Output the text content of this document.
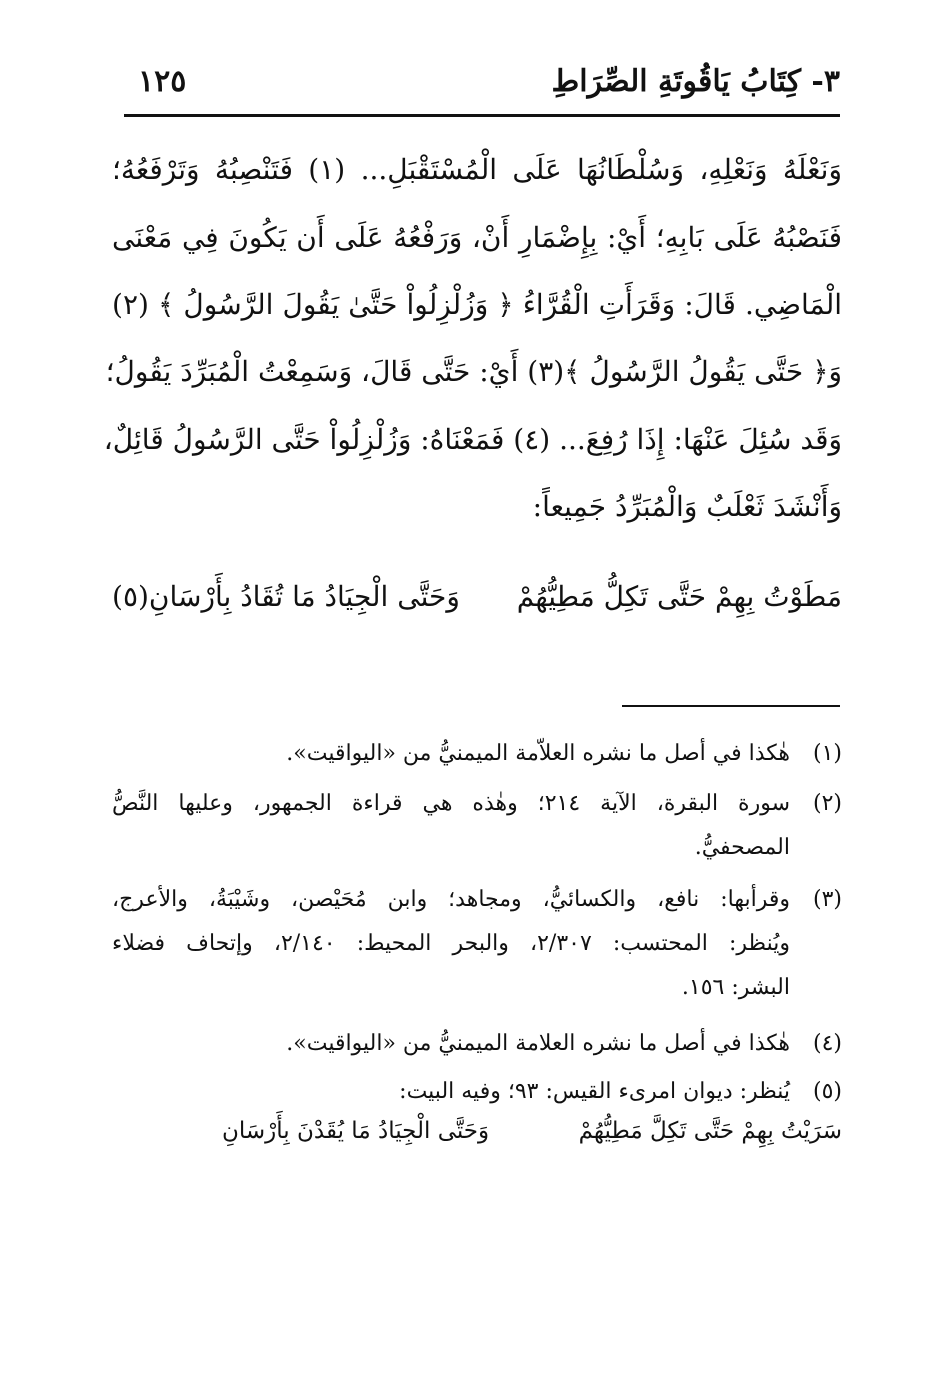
٣- كِتَابُ يَاقُوتَةِ الصِّرَاطِ
١٢٥
وَنَعْلَهُ وَنَعْلِهِ، وَسُلْطَانُهَا عَلَى الْمُسْتَقْبَلِ... (١) فَتَنْصِبُهُ وَتَرْفَعُهُ؛
فَنَصْبُهُ عَلَى بَابِهِ؛ أَيْ: بِإِضْمَارِ أَنْ، وَرَفْعُهُ عَلَى أَن يَكُونَ فِي مَعْنَى
الْمَاضِي. قَالَ: وَقَرَأَتِ الْقُرَّاءُ ﴿ وَزُلْزِلُواْ حَتَّىٰ يَقُولَ الرَّسُولُ ﴾ (٢)
وَ﴿ حَتَّى يَقُولُ الرَّسُولُ ﴾(٣) أَيْ: حَتَّى قَالَ، وَسَمِعْتُ الْمُبَرِّدَ يَقُولُ؛
وَقَد سُئِلَ عَنْهَا: إِذَا رُفِعَ... (٤) فَمَعْنَاهُ: وَزُلْزِلُواْ حَتَّى الرَّسُولُ قَائِلٌ،
وَأَنْشَدَ ثَعْلَبٌ وَالْمُبَرِّدُ جَمِيعاً:
مَطَوْتُ بِهِمْ حَتَّى تَكِلُّ مَطِيُّهُمْ
وَحَتَّى الْجِيَادُ مَا تُقَادُ بِأَرْسَانِ(٥)
(١)
هٰكذا في أصل ما نشره العلاّمة الميمنيُّ من «اليواقيت».
(٢)
سورة البقرة، الآية ٢١٤؛ وهٰذه هي قراءة الجمهور، وعليها النَّصُّ
المصحفيُّ.
(٣)
وقرأبها: نافع، والكسائيُّ، ومجاهد؛ وابن مُحَيْصن، وشَيْبَةُ، والأعرج،
ويُنظر: المحتسب: ٢/٣٠٧، والبحر المحيط: ٢/١٤٠، وإتحاف فضلاء
البشر: ١٥٦.
(٤)
هٰكذا في أصل ما نشره العلامة الميمنيُّ من «اليواقيت».
(٥)
يُنظر: ديوان امرىء القيس: ٩٣؛ وفيه البيت:
سَرَيْتُ بِهِمْ حَتَّى تَكِلَّ مَطِيُّهُمْ
وَحَتَّى الْجِيَادُ مَا يُقَدْنَ بِأَرْسَانِ
